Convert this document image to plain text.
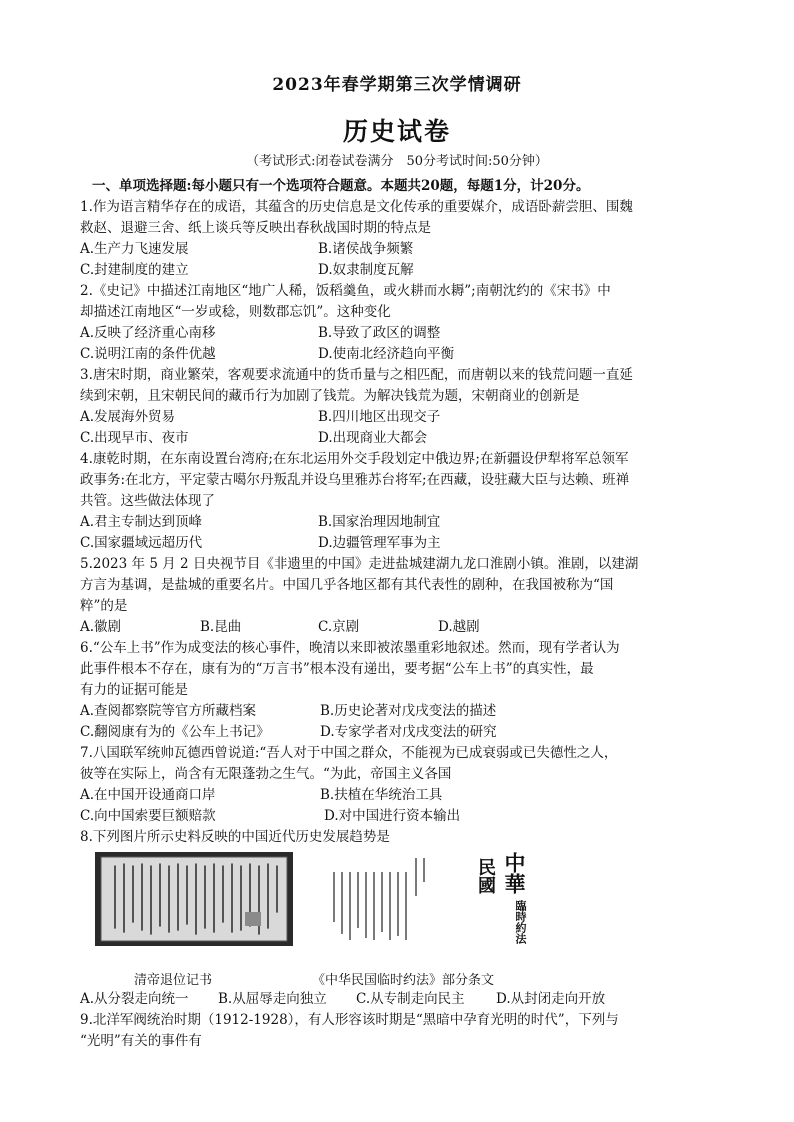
2023年春学期第三次学情调研
历史试卷
（考试形式:闭卷试卷满分　50分考试时间:50分钟）
一、单项选择题:每小题只有一个选项符合题意。本题共20题，每题1分，计20分。
1.作为语言精华存在的成语，其蕴含的历史信息是文化传承的重要媒介，成语卧薪尝胆、围魏
救赵、退避三舍、纸上谈兵等反映出春秋战国时期的特点是
A.生产力飞速发展	B.诸侯战争频繁
C.封建制度的建立	D.奴隶制度瓦解
2.《史记》中描述江南地区“地广人稀，饭稻羹鱼，或火耕而水耨”;南朝沈约的《宋书》中
却描述江南地区“一岁或稔，则数郡忘饥”。这种变化
A.反映了经济重心南移	B.导致了政区的调整
C.说明江南的条件优越	D.使南北经济趋向平衡
3.唐宋时期，商业繁荣，客观要求流通中的货币量与之相匹配，而唐朝以来的钱荒问题一直延
续到宋朝，且宋朝民间的藏币行为加剧了钱荒。为解决钱荒为题，宋朝商业的创新是
A.发展海外贸易	B.四川地区出现交子
C.出现早市、夜市	D.出现商业大都会
4.康乾时期，在东南设置台湾府;在东北运用外交手段划定中俄边界;在新疆设伊犁将军总领军
政事务:在北方，平定蒙古噶尔丹叛乱并设乌里雅苏台将军;在西藏，设驻藏大臣与达赖、班禅
共管。这些做法体现了
A.君主专制达到顶峰	B.国家治理因地制宜
C.国家疆域远超历代	D.边疆管理军事为主
5.2023 年 5 月 2 日央视节目《非遗里的中国》走进盐城建湖九龙口淮剧小镇。淮剧，以建湖
方言为基调，是盐城的重要名片。中国几乎各地区都有其代表性的剧种，在我国被称为“国
粹”的是
A.徽剧	B.昆曲	C.京剧	D.越剧
6.“公车上书”作为成变法的核心事件，晚清以来即被浓墨重彩地叙述。然而，现有学者认为
此事件根本不存在，康有为的“万言书”根本没有递出，要考据“公车上书”的真实性，最
有力的证据可能是
A.查阅都察院等官方所藏档案	B.历史论著对戊戌变法的描述
C.翻阅康有为的《公车上书记》	D.专家学者对戊戌变法的研究
7.八国联军统帅瓦德西曾说道:“吾人对于中国之群众，不能视为已成衰弱或已失德性之人，
彼等在实际上，尚含有无限蓬勃之生气。“为此，帝国主义各国
A.在中国开设通商口岸	B.扶植在华统治工具
C.向中国索要巨额赔款	D.对中国进行资本输出
8.下列图片所示史料反映的中国近代历史发展趋势是
中華
民國
臨時約法
清帝退位记书	《中华民国临时约法》部分条文
A.从分裂走向统一 B.从屈辱走向独立 C.从专制走向民主 D.从封闭走向开放
9.北洋军阀统治时期（1912-1928），有人形容该时期是“黑暗中孕育光明的时代”，下列与
“光明”有关的事件有
